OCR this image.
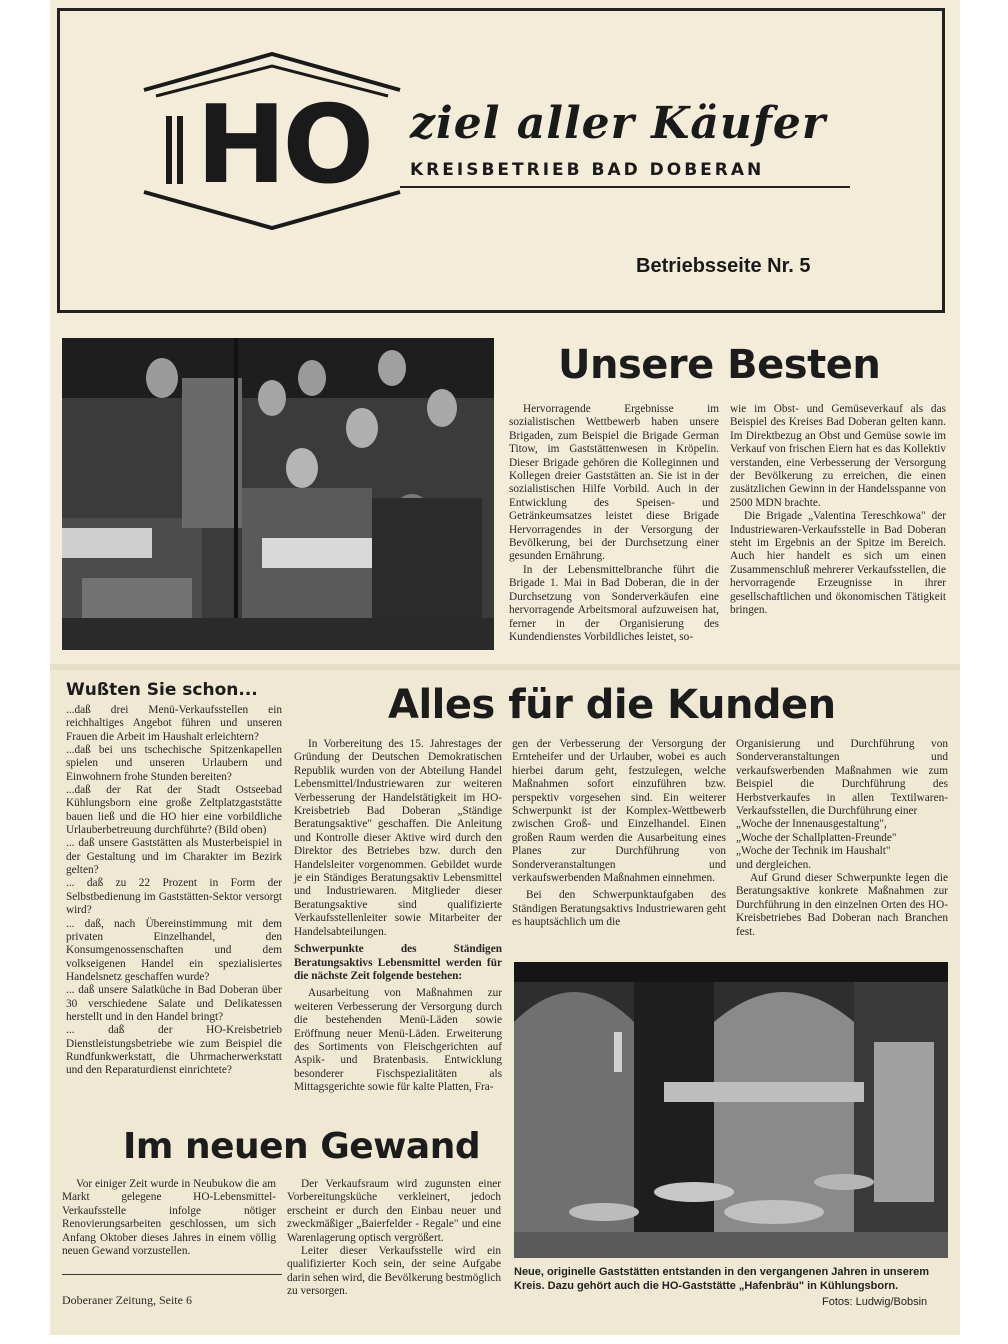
HO ziel aller Käufer
KREISBETRIEB BAD DOBERAN
Betriebsseite Nr. 5
Unsere Besten

Hervorragende Ergebnisse im sozialistischen Wettbewerb haben unsere Brigaden, zum Beispiel die Brigade German Titow, im Gaststättenwesen in Kröpelin. Dieser Brigade gehören die Kolleginnen und Kollegen dreier Gaststätten an. Sie ist in der sozialistischen Hilfe Vorbild. Auch in der Entwicklung des Speisen- und Getränkeumsatzes leistet diese Brigade Hervorragendes in der Versorgung der Bevölkerung, bei der Durchsetzung einer gesunden Ernährung.

In der Lebensmittelbranche führt die Brigade 1. Mai in Bad Doberan, die in der Durchsetzung von Sonderverkäufen eine hervorragende Arbeitsmoral aufzuweisen hat, ferner in der Organisierung des Kundendienstes Vorbildliches leistet, so-

wie im Obst- und Gemüseverkauf als das Beispiel des Kreises Bad Doberan gelten kann. Im Direktbezug an Obst und Gemüse sowie im Verkauf von frischen Eiern hat es das Kollektiv verstanden, eine Verbesserung der Versorgung der Bevölkerung zu erreichen, die einen zusätzlichen Gewinn in der Handelsspanne von 2500 MDN brachte.

Die Brigade „Valentina Tereschkowa" der Industriewaren-Verkaufsstelle in Bad Doberan steht im Ergebnis an der Spitze im Bereich. Auch hier handelt es sich um einen Zusammenschluß mehrerer Verkaufsstellen, die hervorragende Erzeugnisse in ihrer gesellschaftlichen und ökonomischen Tätigkeit bringen.

Wußten Sie schon...

...daß drei Menü-Verkaufsstellen ein reichhaltiges Angebot führen und unseren Frauen die Arbeit im Haushalt erleichtern?

...daß bei uns tschechische Spitzenkapellen spielen und unseren Urlaubern und Einwohnern frohe Stunden bereiten?

...daß der Rat der Stadt Ostseebad Kühlungsborn eine große Zeltplatzgaststätte bauen ließ und die HO hier eine vorbildliche Urlauberbetreuung durchführte? (Bild oben)

... daß unsere Gaststätten als Musterbeispiel in der Gestaltung und im Charakter im Bezirk gelten?

... daß zu 22 Prozent in Form der Selbstbedienung im Gaststätten-Sektor versorgt wird?

... daß, nach Übereinstimmung mit dem privaten Einzelhandel, den Konsumgenossenschaften und dem volkseigenen Handel ein spezialisiertes Handelsnetz geschaffen wurde?

... daß unsere Salatküche in Bad Doberan über 30 verschiedene Salate und Delikatessen herstellt und in den Handel bringt?

... daß der HO-Kreisbetrieb Dienstleistungsbetriebe wie zum Beispiel die Rundfunkwerkstatt, die Uhrmacherwerkstatt und den Reparaturdienst einrichtete?

Alles für die Kunden

In Vorbereitung des 15. Jahrestages der Gründung der Deutschen Demokratischen Republik wurden von der Abteilung Handel Lebensmittel/Industriewaren zur weiteren Verbesserung der Handelstätigkeit im HO-Kreisbetrieb Bad Doberan „Ständige Beratungsaktive" geschaffen. Die Anleitung und Kontrolle dieser Aktive wird durch den Direktor des Betriebes bzw. durch den Handelsleiter vorgenommen. Gebildet wurde je ein Ständiges Beratungsaktiv Lebensmittel und Industriewaren. Mitglieder dieser Beratungsaktive sind qualifizierte Verkaufsstellenleiter sowie Mitarbeiter der Handelsabteilungen.

Schwerpunkte des Ständigen Beratungsaktivs Lebensmittel werden für die nächste Zeit folgende bestehen:

Ausarbeitung von Maßnahmen zur weiteren Verbesserung der Versorgung durch die bestehenden Menü-Läden sowie Eröffnung neuer Menü-Läden. Erweiterung des Sortiments von Fleischgerichten auf Aspik- und Bratenbasis. Entwicklung besonderer Fischspezialitäten als Mittagsgerichte sowie für kalte Platten, Fra-

gen der Verbesserung der Versorgung der Ernteheifer und der Urlauber, wobei es auch hierbei darum geht, festzulegen, welche Maßnahmen sofort einzuführen bzw. perspektiv vorgesehen sind. Ein weiterer Schwerpunkt ist der Komplex-Wettbewerb zwischen Groß- und Einzelhandel. Einen großen Raum werden die Ausarbeitung eines Planes zur Durchführung von Sonderveranstaltungen und verkaufswerbenden Maßnahmen einnehmen.

Bei den Schwerpunktaufgaben des Ständigen Beratungsaktivs Industriewaren geht es hauptsächlich um die

Organisierung und Durchführung von Sonderveranstaltungen und verkaufswerbenden Maßnahmen wie zum Beispiel die Durchführung des Herbstverkaufes in allen Textilwaren-Verkaufsstellen, die Durchführung einer

„Woche der Innenausgestaltung",
„Woche der Schallplatten-Freunde"
„Woche der Technik im Haushalt"
und dergleichen.

Auf Grund dieser Schwerpunkte legen die Beratungsaktive konkrete Maßnahmen zur Durchführung in den einzelnen Orten des HO-Kreisbetriebes Bad Doberan nach Branchen fest.

Im neuen Gewand

Vor einiger Zeit wurde in Neubukow die am Markt gelegene HO-Lebensmittel-Verkaufsstelle infolge nötiger Renovierungsarbeiten geschlossen, um sich Anfang Oktober dieses Jahres in einem völlig neuen Gewand vorzustellen.

Der Verkaufsraum wird zugunsten einer Vorbereitungsküche verkleinert, jedoch erscheint er durch den Einbau neuer und zweckmäßiger „Baierfelder - Regale" und eine Warenlagerung optisch vergrößert.

Leiter dieser Verkaufsstelle wird ein qualifizierter Koch sein, der seine Aufgabe darin sehen wird, die Bevölkerung bestmöglich zu versorgen.

Neue, originelle Gaststätten entstanden in den vergangenen Jahren in unserem Kreis. Dazu gehört auch die HO-Gaststätte „Hafenbräu" in Kühlungsborn.
Fotos: Ludwig/Bobsin
Doberaner Zeitung, Seite 6
